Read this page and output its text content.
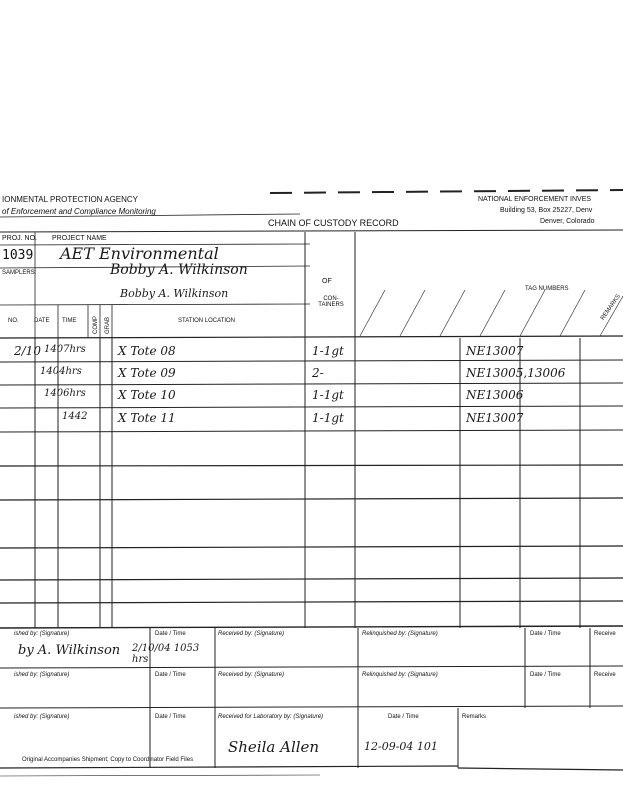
IONMENTAL PROTECTION AGENCY
of Enforcement and Compliance Monitoring
CHAIN OF CUSTODY RECORD
NATIONAL ENFORCEMENT INVES
Building 53, Box 25227, Denv
Denver, Colorado
PROJ. NO. PROJECT NAME
1039 AET Environmental
SAMPLERS:	Bobby A. Wilkinson
Bobby A. Wilkinson
OF
CON-TAINERS
TAG NUMBERS
NO.	DATE TIME	COMP GRAB	STATION LOCATION	REMARKS
2/10 1407hrs	X Tote 08	1-1gt	NE13007
1404hrs	X Tote 09	2-	NE13005,13006
1406hrs	X Tote 10	1-1gt	NE13006
1442	X Tote 11	1-1gt	NE13007
ished by: (Signature)	Date / Time	Received by: (Signature)	Relinquished by: (Signature)	Date / Time	Receive
by A. Wilkinson 2/10/04 1053 hrs
ished by: (Signature)	Date / Time	Received by: (Signature)	Relinquished by: (Signature)	Date / Time	Receive
ished by: (Signature)	Date / Time	Received for Laboratory by: (Signature)	Date / Time	Remarks
Sheila Allen	12-09-04 101
Original Accompanies Shipment; Copy to Coordinator Field Files
